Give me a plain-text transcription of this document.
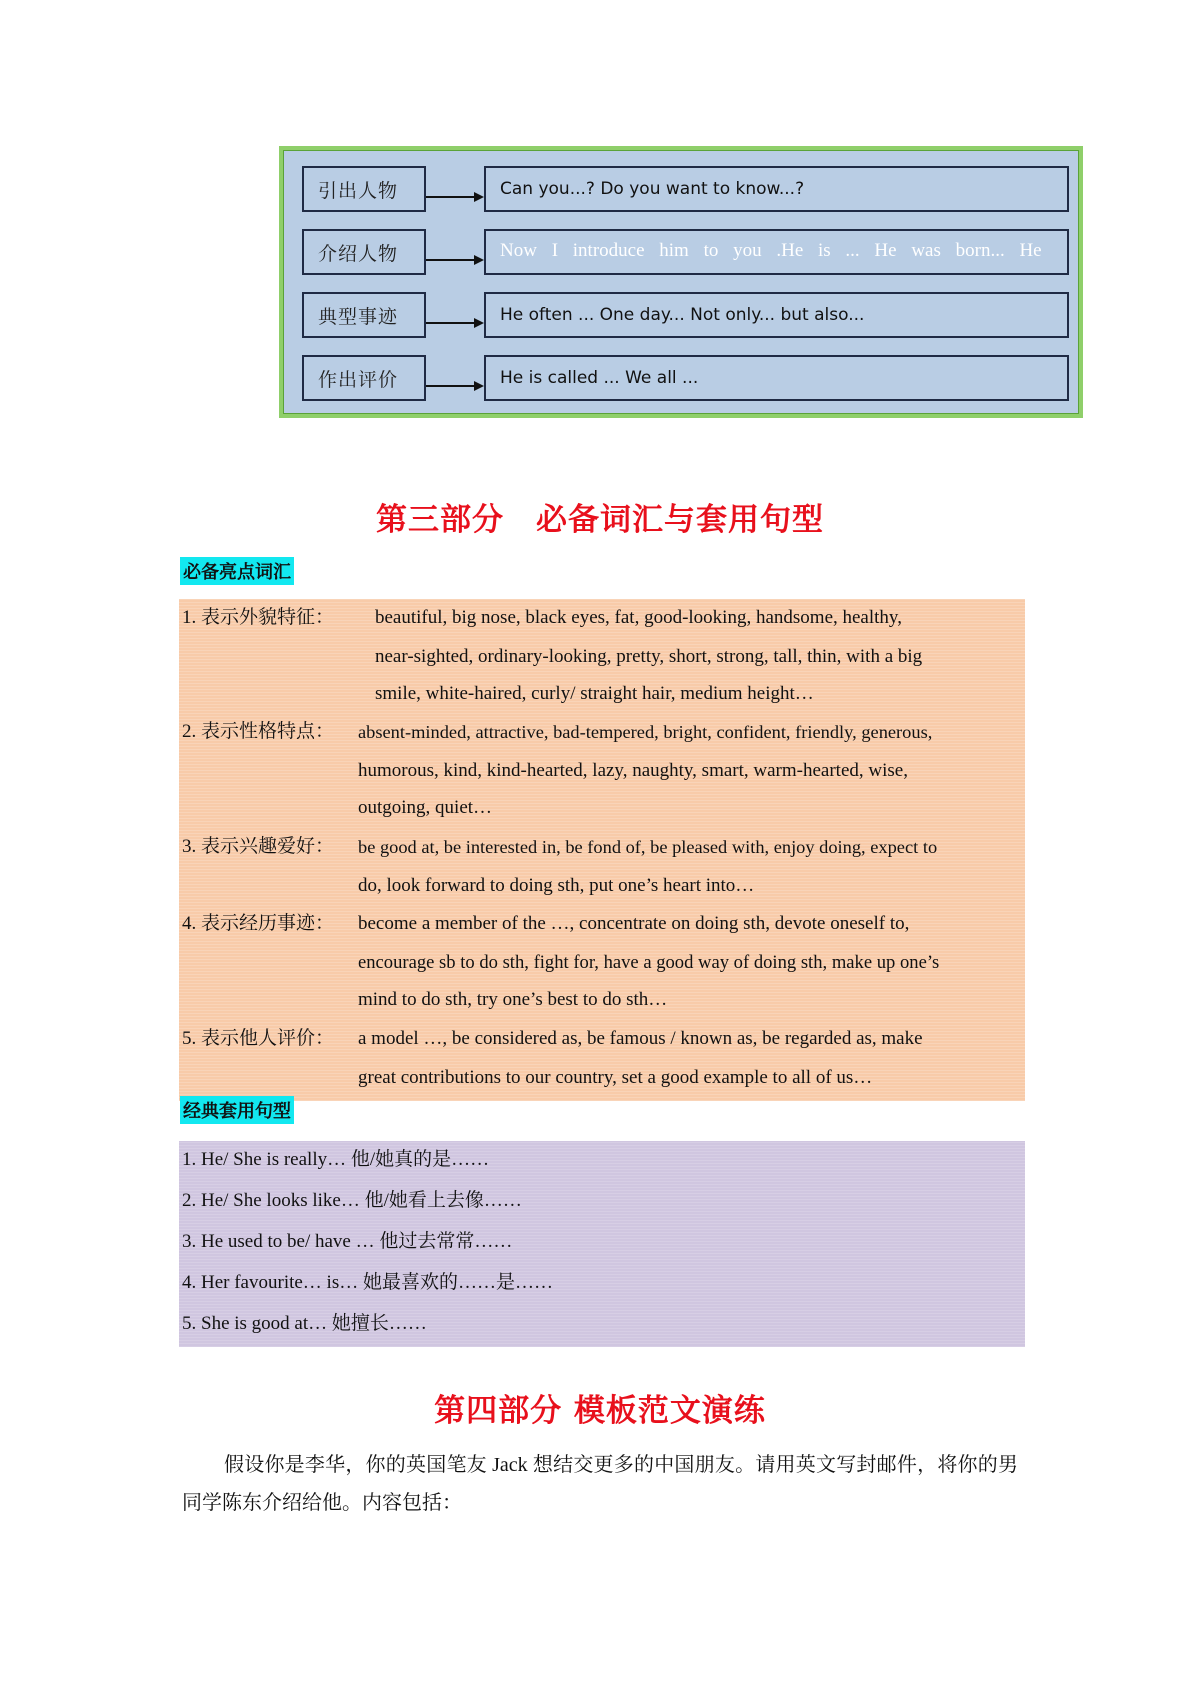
引出人物	Can you...? Do you want to know...?
介绍人物	Now I introduce him to you .He is ... He was born... He
典型事迹	He often ... One day... Not only... but also...
作出评价	He is called ... We all ...
第三部分　必备词汇与套用句型
必备亮点词汇
1. 表示外貌特征： beautiful, big nose, black eyes, fat, good-looking, handsome, healthy,
near-sighted, ordinary-looking, pretty, short, strong, tall, thin, with a big
smile, white-haired, curly/ straight hair, medium height…
2. 表示性格特点： absent-minded, attractive, bad-tempered, bright, confident, friendly, generous,
humorous, kind, kind-hearted, lazy, naughty, smart, warm-hearted, wise,
outgoing, quiet…
3. 表示兴趣爱好： be good at, be interested in, be fond of, be pleased with, enjoy doing, expect to
do, look forward to doing sth, put one’s heart into…
4. 表示经历事迹： become a member of the …, concentrate on doing sth, devote oneself to,
encourage sb to do sth, fight for, have a good way of doing sth, make up one’s
mind to do sth, try one’s best to do sth…
5. 表示他人评价： a model …, be considered as, be famous / known as, be regarded as, make
great contributions to our country, set a good example to all of us…
经典套用句型
1. He/ She is really… 他/她真的是……
2. He/ She looks like… 他/她看上去像……
3. He used to be/ have … 他过去常常……
4. Her favourite… is… 她最喜欢的……是……
5. She is good at… 她擅长……
第四部分 模板范文演练
假设你是李华，你的英国笔友 Jack 想结交更多的中国朋友。请用英文写封邮件，将你的男同学陈东介绍给他。内容包括：
